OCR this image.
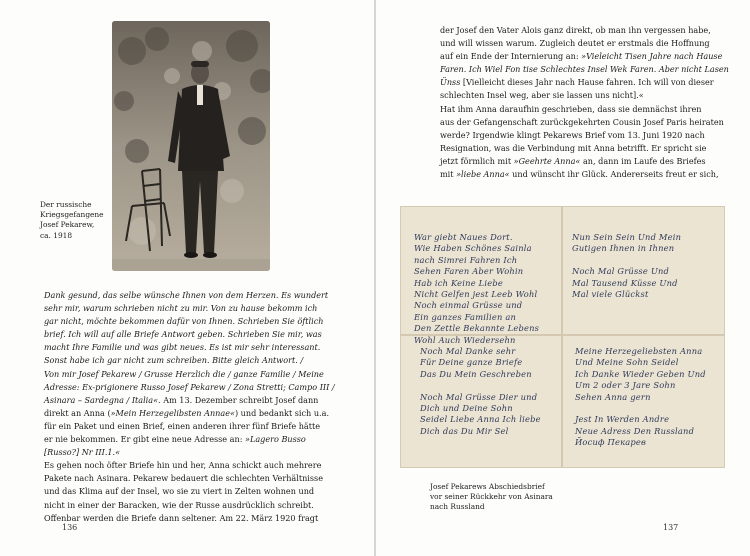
Der russische
Kriegsgefangene
Josef Pekarew,
ca. 1918
Dank gesund, das selbe wünsche Ihnen von dem Herzen. Es wundert
sehr mir, warum schrieben nicht zu mir. Von zu hause bekomm ich
gar nicht, möchte bekommen dafür von Ihnen. Schrieben Sie öftlich
brief. Ich will auf alle Briefe Antwort geben. Schrieben Sie mir, was
macht Ihre Familie und was gibt neues. Es ist mir sehr interessant.
Sonst habe ich gar nicht zum schreiben. Bitte gleich Antwort. /
Von mir Josef Pekarew / Grusse Herzlich die / ganze Familie / Meine
Adresse: Ex-prigionere Russo Josef Pekarew / Zona Stretti; Campo III /
Asinara – Sardegna / Italia«. Am 13. Dezember schreibt Josef dann
direkt an Anna (»Mein Herzegelibsten Annae«) und bedankt sich u.a.
für ein Paket und einen Brief, einen anderen ihrer fünf Briefe hätte
er nie bekommen. Er gibt eine neue Adresse an: »Lagero Busso
[Russo?] Nr III.1.«
Es gehen noch öfter Briefe hin und her, Anna schickt auch mehrere
Pakete nach Asinara. Pekarew bedauert die schlechten Verhältnisse
und das Klima auf der Insel, wo sie zu viert in Zelten wohnen und
nicht in einer der Baracken, wie der Russe ausdrücklich schreibt.
Offenbar werden die Briefe dann seltener. Am 22. März 1920 fragt
136
der Josef den Vater Alois ganz direkt, ob man ihn vergessen habe,
und will wissen warum. Zugleich deutet er erstmals die Hoffnung
auf ein Ende der Internierung an: »Vieleicht Tisen Jahre nach Hause
Faren. Ich Wiel Fon tise Schlechtes Insel Wek Faren. Aber nicht Lasen
Ünss [Vielleicht dieses Jahr nach Hause fahren. Ich will von dieser
schlechten Insel weg, aber sie lassen uns nicht].«
Hat ihm Anna daraufhin geschrieben, dass sie demnächst ihren
aus der Gefangenschaft zurückgekehrten Cousin Josef Paris heiraten
werde? Irgendwie klingt Pekarews Brief vom 13. Juni 1920 nach
Resignation, was die Verbindung mit Anna betrifft. Er spricht sie
jetzt förmlich mit »Geehrte Anna« an, dann im Laufe des Briefes
mit »liebe Anna« und wünscht ihr Glück. Andererseits freut er sich,
War giebt Naues Dort.
Wie Haben Schönes Sainla
nach Simrei Fahren Ich
Sehen Faren Aber Wohin
Hab ich Keine Liebe
Nicht Gelfen jest Leeb Wohl
Noch einmal Grüsse und
Ein ganzes Familien an
Den Zettle Bekannte Lebens
Wohl Auch Wiedersehn
Nun Sein Sein Und Mein
Gutigen Ihnen in Ihnen

Noch Mal Grüsse Und
Mal Tausend Küsse Und
Mal viele Glückst
Noch Mal Danke sehr
Für Deine ganze Briefe
Das Du Mein Geschreben

Noch Mal Grüsse Dier und
Dich und Deine Sohn
Seidel Liebe Anna Ich liebe
Dich das Du Mir Sel
Meine Herzegeliebsten Anna
Und Meine Sohn Seidel
Ich Danke Wieder Geben Und
Um 2 oder 3 Jare Sohn
Sehen Anna gern

Jest In Werden Andre
Neue Adress Den Russland
Йосиф Пекарев
Josef Pekarews Abschiedsbrief
vor seiner Rückkehr von Asinara
nach Russland
137
